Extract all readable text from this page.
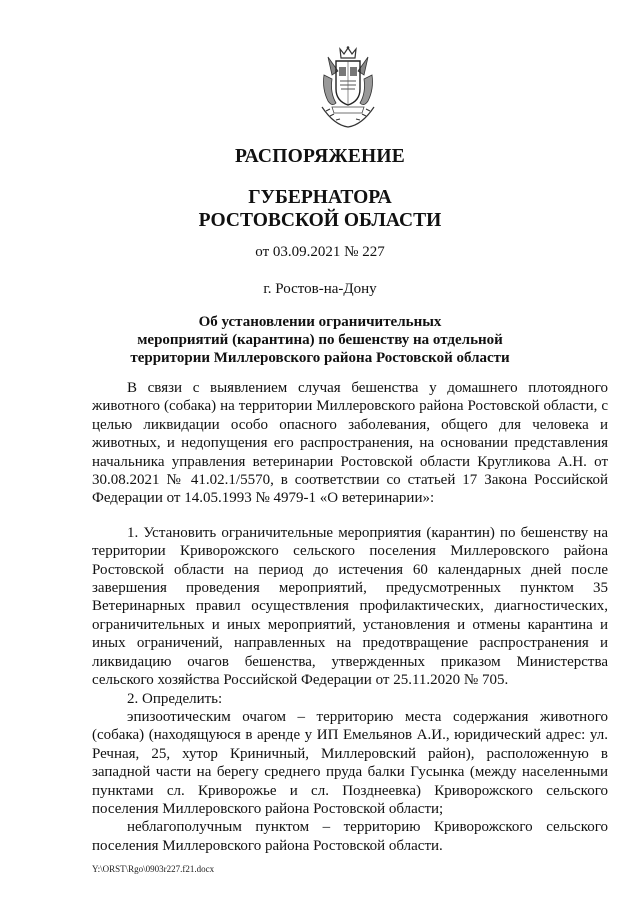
РАСПОРЯЖЕНИЕ
ГУБЕРНАТОРА
РОСТОВСКОЙ ОБЛАСТИ
от 03.09.2021 № 227
г. Ростов-на-Дону
Об установлении ограничительных
мероприятий (карантина) по бешенству на отдельной
территории Миллеровского района Ростовской области

В связи с выявлением случая бешенства у домашнего плотоядного животного (собака) на территории Миллеровского района Ростовской области, с целью ликвидации особо опасного заболевания, общего для человека и животных, и недопущения его распространения, на основании представления начальника управления ветеринарии Ростовской области Кругликова А.Н. от 30.08.2021 № 41.02.1/5570, в соответствии со статьей 17 Закона Российской Федерации от 14.05.1993 № 4979-1 «О ветеринарии»:

1. Установить ограничительные мероприятия (карантин) по бешенству на территории Криворожского сельского поселения Миллеровского района Ростовской области на период до истечения 60 календарных дней после завершения проведения мероприятий, предусмотренных пунктом 35 Ветеринарных правил осуществления профилактических, диагностических, ограничительных и иных мероприятий, установления и отмены карантина и иных ограничений, направленных на предотвращение распространения и ликвидацию очагов бешенства, утвержденных приказом Министерства сельского хозяйства Российской Федерации от 25.11.2020 № 705.

2. Определить:

эпизоотическим очагом – территорию места содержания животного (собака) (находящуюся в аренде у ИП Емельянов А.И., юридический адрес: ул. Речная, 25, хутор Криничный, Миллеровский район), расположенную в западной части на берегу среднего пруда балки Гусынка (между населенными пунктами сл. Криворожье и сл. Позднеевка) Криворожского сельского поселения Миллеровского района Ростовской области;

неблагополучным пунктом – территорию Криворожского сельского поселения Миллеровского района Ростовской области.

Y:\ORST\Rgo\0903r227.f21.docx
